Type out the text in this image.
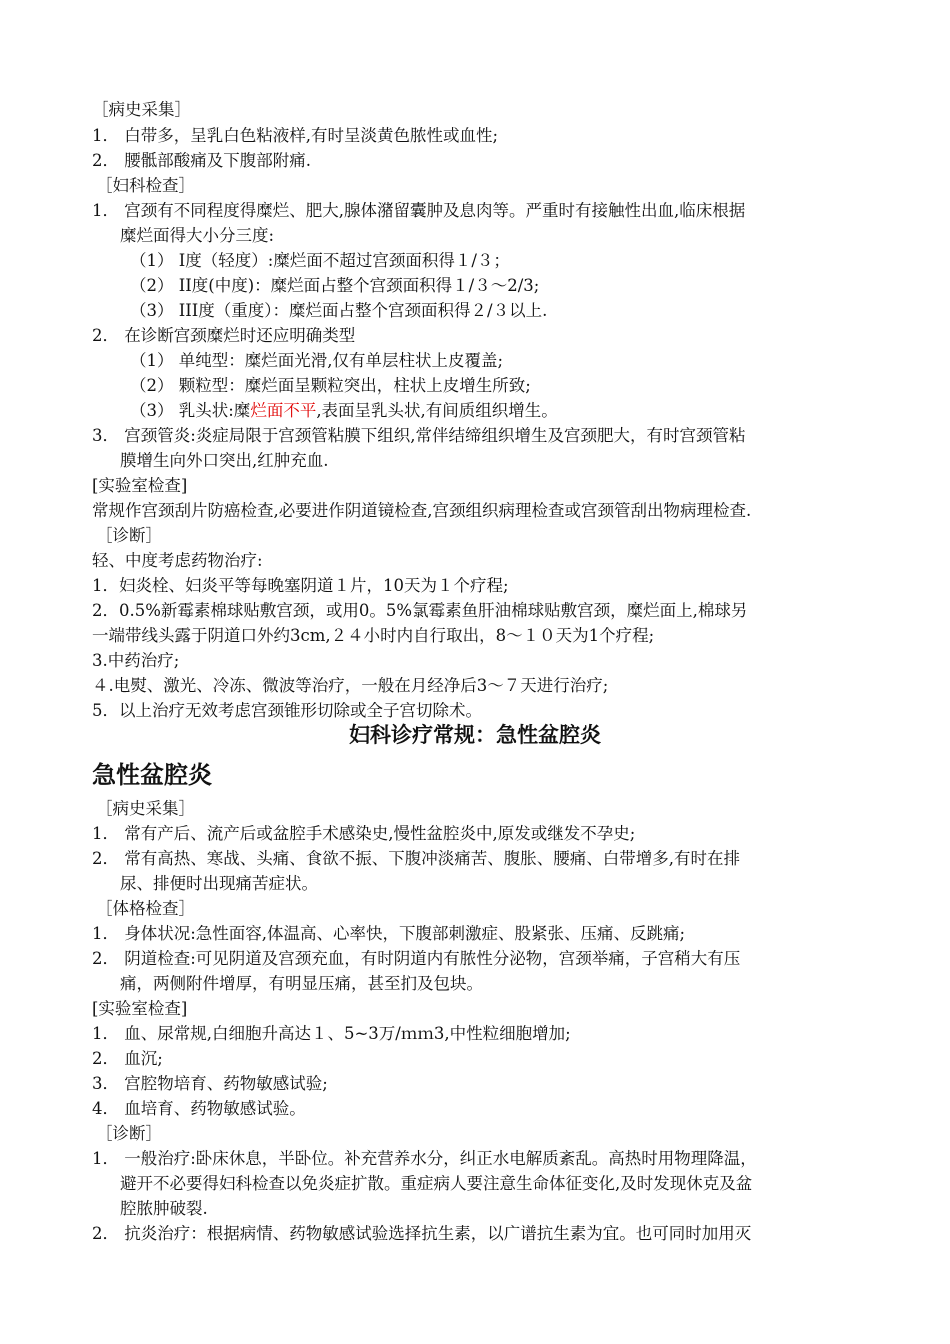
［病史采集］
1． 白带多，呈乳白色粘液样,有时呈淡黄色脓性或血性;
2． 腰骶部酸痛及下腹部附痛.
［妇科检查］
1． 宫颈有不同程度得糜烂、肥大,腺体潴留囊肿及息肉等。严重时有接触性出血,临床根据
糜烂面得大小分三度:
（1） I度（轻度）:糜烂面不超过宫颈面积得１/３；
（2） II度(中度)：糜烂面占整个宫颈面积得１/３～2/3;
（3） III度（重度）：糜烂面占整个宫颈面积得２/３以上.
2． 在诊断宫颈糜烂时还应明确类型
（1） 单纯型：糜烂面光滑,仅有单层柱状上皮覆盖;
（2） 颗粒型：糜烂面呈颗粒突出，柱状上皮增生所致;
（3） 乳头状:糜烂面不平,表面呈乳头状,有间质组织增生。
3． 宫颈管炎:炎症局限于宫颈管粘膜下组织,常伴结缔组织增生及宫颈肥大，有时宫颈管粘
膜增生向外口突出,红肿充血.
[实验室检查]
常规作宫颈刮片防癌检查,必要进作阴道镜检查,宫颈组织病理检查或宫颈管刮出物病理检查.
［诊断］
轻、中度考虑药物治疗:
1．妇炎栓、妇炎平等每晚塞阴道１片，10天为１个疗程;
2．0.5%新霉素棉球贴敷宫颈，或用0。5%氯霉素鱼肝油棉球贴敷宫颈，糜烂面上,棉球另
一端带线头露于阴道口外约3cm,２４小时内自行取出，8～１０天为1个疗程;
3.中药治疗;
４.电熨、激光、冷冻、微波等治疗，一般在月经净后3～７天进行治疗;
5．以上治疗无效考虑宫颈锥形切除或全子宫切除术。
妇科诊疗常规：急性盆腔炎
急性盆腔炎
［病史采集］
1． 常有产后、流产后或盆腔手术感染史,慢性盆腔炎中,原发或继发不孕史;
2． 常有高热、寒战、头痛、食欲不振、下腹冲淡痛苦、腹胀、腰痛、白带增多,有时在排
尿、排便时出现痛苦症状。
［体格检查］
1． 身体状况:急性面容,体温高、心率快，下腹部刺激症、股紧张、压痛、反跳痛;
2． 阴道检查:可见阴道及宫颈充血，有时阴道内有脓性分泌物，宫颈举痛，子宫稍大有压
痛，两侧附件增厚，有明显压痛，甚至扪及包块。
[实验室检查]
1． 血、尿常规,白细胞升高达１、5~3万/ｍｍ3,中性粒细胞增加;
2． 血沉;
3． 宫腔物培育、药物敏感试验;
4． 血培育、药物敏感试验。
［诊断］
1． 一般治疗:卧床休息，半卧位。补充营养水分，纠正水电解质紊乱。高热时用物理降温，
避开不必要得妇科检查以免炎症扩散。重症病人要注意生命体征变化,及时发现休克及盆
腔脓肿破裂.
2． 抗炎治疗：根据病情、药物敏感试验选择抗生素，以广谱抗生素为宜。也可同时加用灭
